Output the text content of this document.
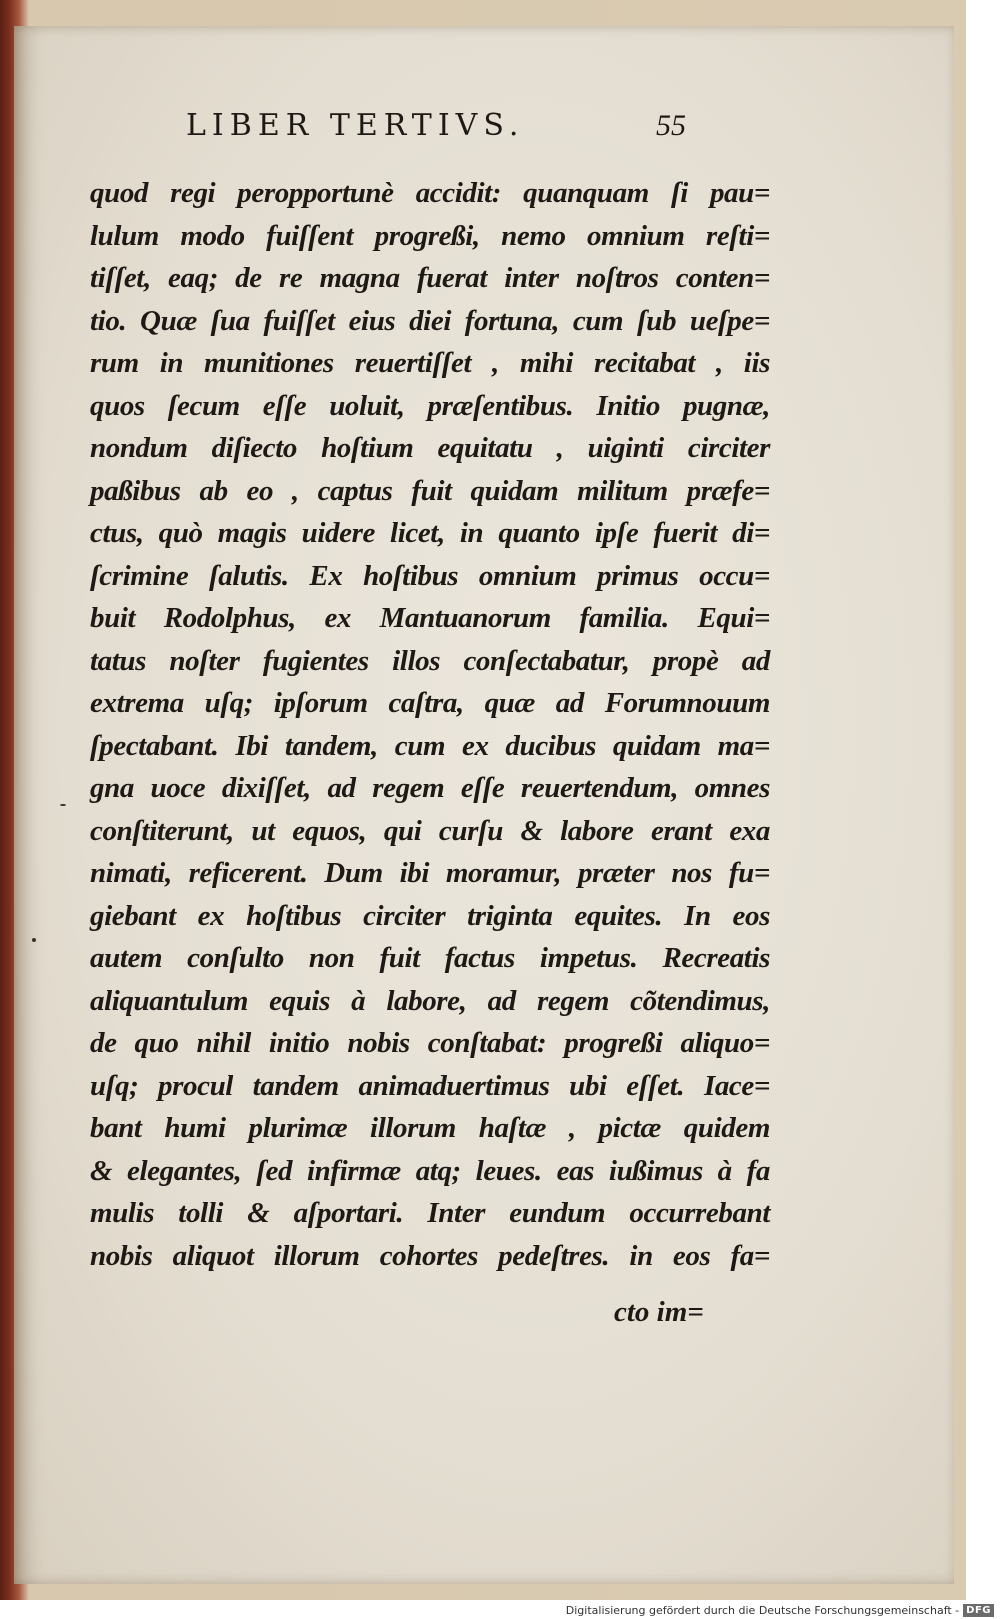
LIBER TERTIVS.	55
quod regi peropportunè accidit: quanquam ſi pau=
lulum modo fuiſſent progreßi, nemo omnium reſti=
tiſſet, eaq; de re magna fuerat inter noſtros conten=
tio. Quæ ſua fuiſſet eius diei fortuna, cum ſub ueſpe=
rum in munitiones reuertiſſet , mihi recitabat , iis
quos ſecum eſſe uoluit, præſentibus. Initio pugnæ,
nondum diſiecto hoſtium equitatu , uiginti circiter
paßibus ab eo , captus fuit quidam militum præfe=
ctus, quò magis uidere licet, in quanto ipſe fuerit di=
ſcrimine ſalutis. Ex hoſtibus omnium primus occu=
buit Rodolphus, ex Mantuanorum familia. Equi=
tatus noſter fugientes illos conſectabatur, propè ad
extrema uſq; ipſorum caſtra, quæ ad Forumnouum
ſpectabant. Ibi tandem, cum ex ducibus quidam ma=
gna uoce dixiſſet, ad regem eſſe reuertendum, omnes
conſtiterunt, ut equos, qui curſu & labore erant exa
nimati, reficerent. Dum ibi moramur, præter nos fu=
giebant ex hoſtibus circiter triginta equites. In eos
autem conſulto non fuit factus impetus. Recreatis
aliquantulum equis à labore, ad regem cõtendimus,
de quo nihil initio nobis conſtabat: progreßi aliquo=
uſq; procul tandem animaduertimus ubi eſſet. Iace=
bant humi plurimæ illorum haſtæ , pictæ quidem
& elegantes, ſed infirmæ atq; leues. eas iußimus à fa
mulis tolli & aſportari. Inter eundum occurrebant
nobis aliquot illorum cohortes pedeſtres. in eos fa=
cto im=
Digitalisierung gefördert durch die Deutsche Forschungsgemeinschaft - DFG
